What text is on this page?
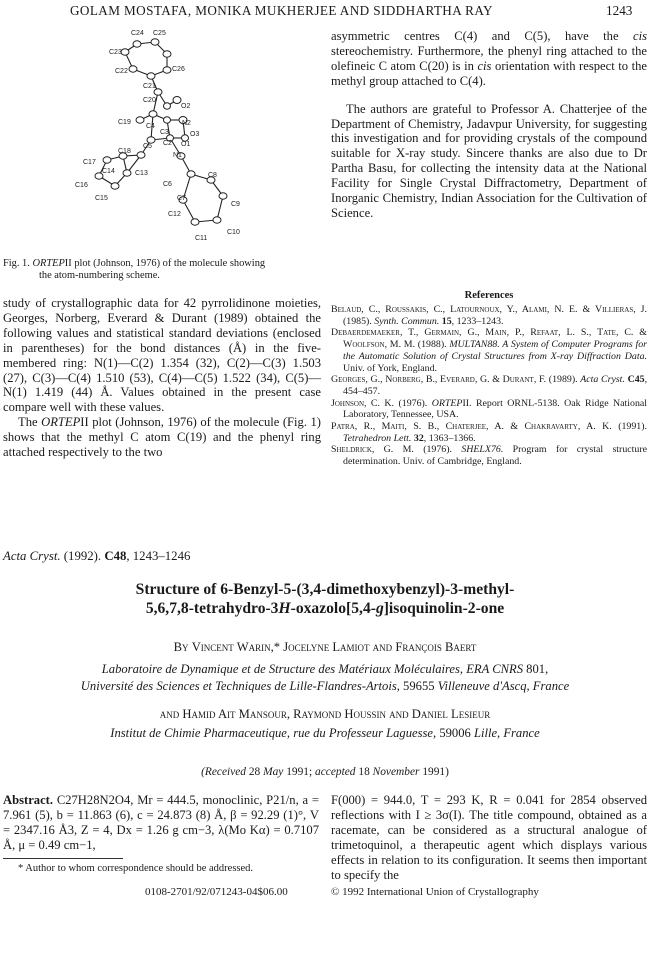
GOLAM MOSTAFA, MONIKA MUKHERJEE AND SIDDHARTHA RAY	1243
C24 C25
C23
C26
C22
C21
C20
O2
C19
C4	N2
O3
O1
C3
C5
N1
C2
C17
C18
C14	C13
C16
C15
C6
C8
C7
C9
C12
C10
C11
Fig. 1. ORTEPII plot (Johnson, 1976) of the molecule showing
the atom-numbering scheme.
study of crystallographic data for 42 pyrrolidinone moieties, Georges, Norberg, Everard & Durant (1989) obtained the following values and statistical standard deviations (enclosed in parentheses) for the bond distances (Å) in the five-membered ring: N(1)—C(2) 1.354 (32), C(2)—C(3) 1.503 (27), C(3)—C(4) 1.510 (53), C(4)—C(5) 1.522 (34), C(5)—N(1) 1.419 (44) Å. Values obtained in the present case compare well with these values.
The ORTEPII plot (Johnson, 1976) of the molecule (Fig. 1) shows that the methyl C atom C(19) and the phenyl ring attached respectively to the two
asymmetric centres C(4) and C(5), have the cis stereochemistry. Furthermore, the phenyl ring attached to the olefineic C atom C(20) is in cis orientation with respect to the methyl group attached to C(4).
The authors are grateful to Professor A. Chatterjee of the Department of Chemistry, Jadavpur University, for suggesting this investigation and for providing crystals of the compound suitable for X-ray study. Sincere thanks are also due to Dr Partha Basu, for collecting the intensity data at the National Facility for Single Crystal Diffractometry, Department of Inorganic Chemistry, Indian Association for the Cultivation of Science.
References
Belaud, C., Roussakis, C., Latournoux, Y., Alami, N. E. & Villieras, J. (1985). Synth. Commun. 15, 1233–1243.
Debaerdemaeker, T., Germain, G., Main, P., Refaat, L. S., Tate, C. & Woolfson, M. M. (1988). MULTAN88. A System of Computer Programs for the Automatic Solution of Crystal Structures from X-ray Diffraction Data. Univ. of York, England.
Georges, G., Norberg, B., Everard, G. & Durant, F. (1989). Acta Cryst. C45, 454–457.
Johnson, C. K. (1976). ORTEPII. Report ORNL-5138. Oak Ridge National Laboratory, Tennessee, USA.
Patra, R., Maiti, S. B., Chaterjee, A. & Chakravarty, A. K. (1991). Tetrahedron Lett. 32, 1363–1366.
Sheldrick, G. M. (1976). SHELX76. Program for crystal structure determination. Univ. of Cambridge, England.
Acta Cryst. (1992). C48, 1243–1246
Structure of 6-Benzyl-5-(3,4-dimethoxybenzyl)-3-methyl-
5,6,7,8-tetrahydro-3H-oxazolo[5,4-g]isoquinolin-2-one
By Vincent Warin,* Jocelyne Lamiot and François Baert
Laboratoire de Dynamique et de Structure des Matériaux Moléculaires, ERA CNRS 801,
Université des Sciences et Techniques de Lille-Flandres-Artois, 59655 Villeneuve d'Ascq, France
and Hamid Ait Mansour, Raymond Houssin and Daniel Lesieur
Institut de Chimie Pharmaceutique, rue du Professeur Laguesse, 59006 Lille, France
(Received 28 May 1991; accepted 18 November 1991)
Abstract. C27H28N2O4, Mr = 444.5, monoclinic, P21/n, a = 7.961 (5), b = 11.863 (6), c = 24.873 (8) Å, β = 92.29 (1)°, V = 2347.16 Å3, Z = 4, Dx = 1.26 g cm−3, λ(Mo Kα) = 0.7107 Å, μ = 0.49 cm−1,
F(000) = 944.0, T = 293 K, R = 0.041 for 2854 observed reflections with I ≥ 3σ(I). The title compound, obtained as a racemate, can be considered as a structural analogue of trimetoquinol, a therapeutic agent which displays various effects in relation to its configuration. It seems then important to specify the
* Author to whom correspondence should be addressed.
0108-2701/92/071243-04$06.00	© 1992 International Union of Crystallography
